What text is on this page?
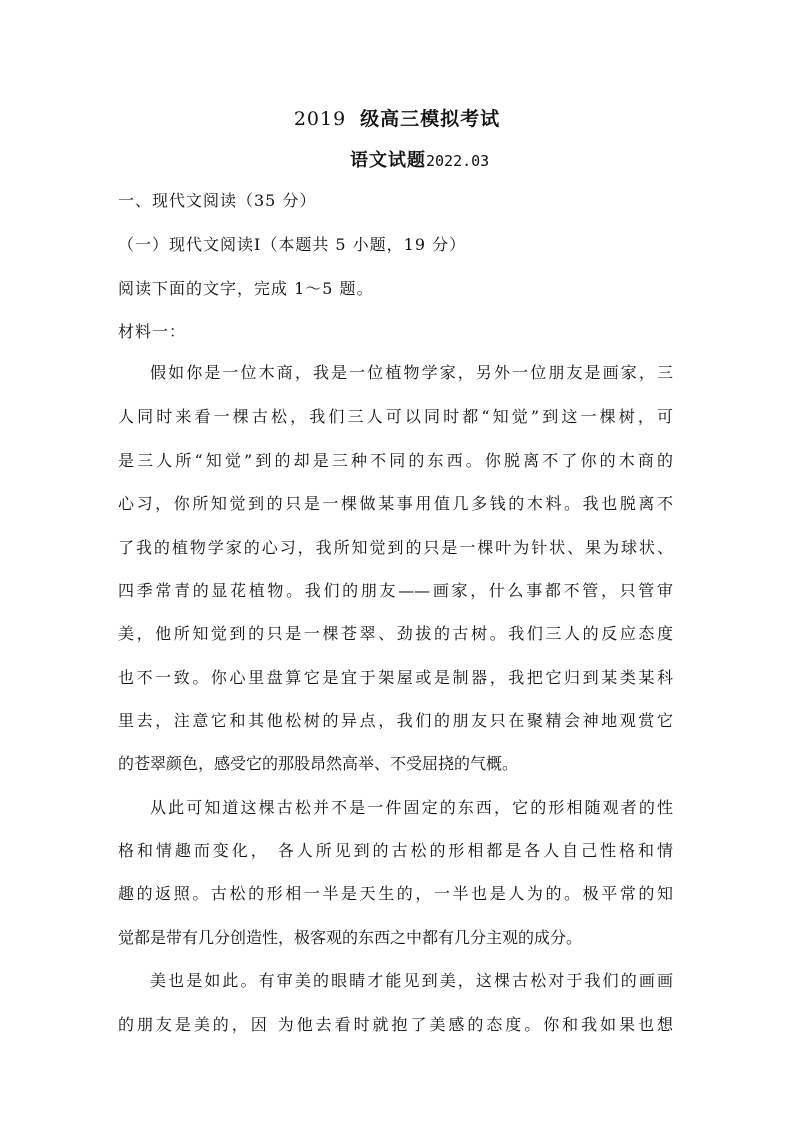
2019 级高三模拟考试
语文试题2022.03
一、现代文阅读（35 分）
（一）现代文阅读Ⅰ（本题共 5 小题，19 分）
阅读下面的文字，完成 1～5 题。
材料一：
假如你是一位木商，我是一位植物学家，另外一位朋友是画家，三
人同时来看一棵古松，我们三人可以同时都“知觉”到这一棵树，可
是三人所“知觉”到的却是三种不同的东西。你脱离不了你的木商的
心习，你所知觉到的只是一棵做某事用值几多钱的木料。我也脱离不
了我的植物学家的心习，我所知觉到的只是一棵叶为针状、果为球状、
四季常青的显花植物。我们的朋友——画家，什么事都不管，只管审
美，他所知觉到的只是一棵苍翠、劲拔的古树。我们三人的反应态度
也不一致。你心里盘算它是宜于架屋或是制器，我把它归到某类某科
里去，注意它和其他松树的异点，我们的朋友只在聚精会神地观赏它
的苍翠颜色，感受它的那股昂然高举、不受屈挠的气概。
从此可知道这棵古松并不是一件固定的东西，它的形相随观者的性
格和情趣而变化， 各人所见到的古松的形相都是各人自己性格和情
趣的返照。古松的形相一半是天生的，一半也是人为的。极平常的知
觉都是带有几分创造性，极客观的东西之中都有几分主观的成分。
美也是如此。有审美的眼睛才能见到美，这棵古松对于我们的画画
的朋友是美的，因 为他去看时就抱了美感的态度。你和我如果也想
